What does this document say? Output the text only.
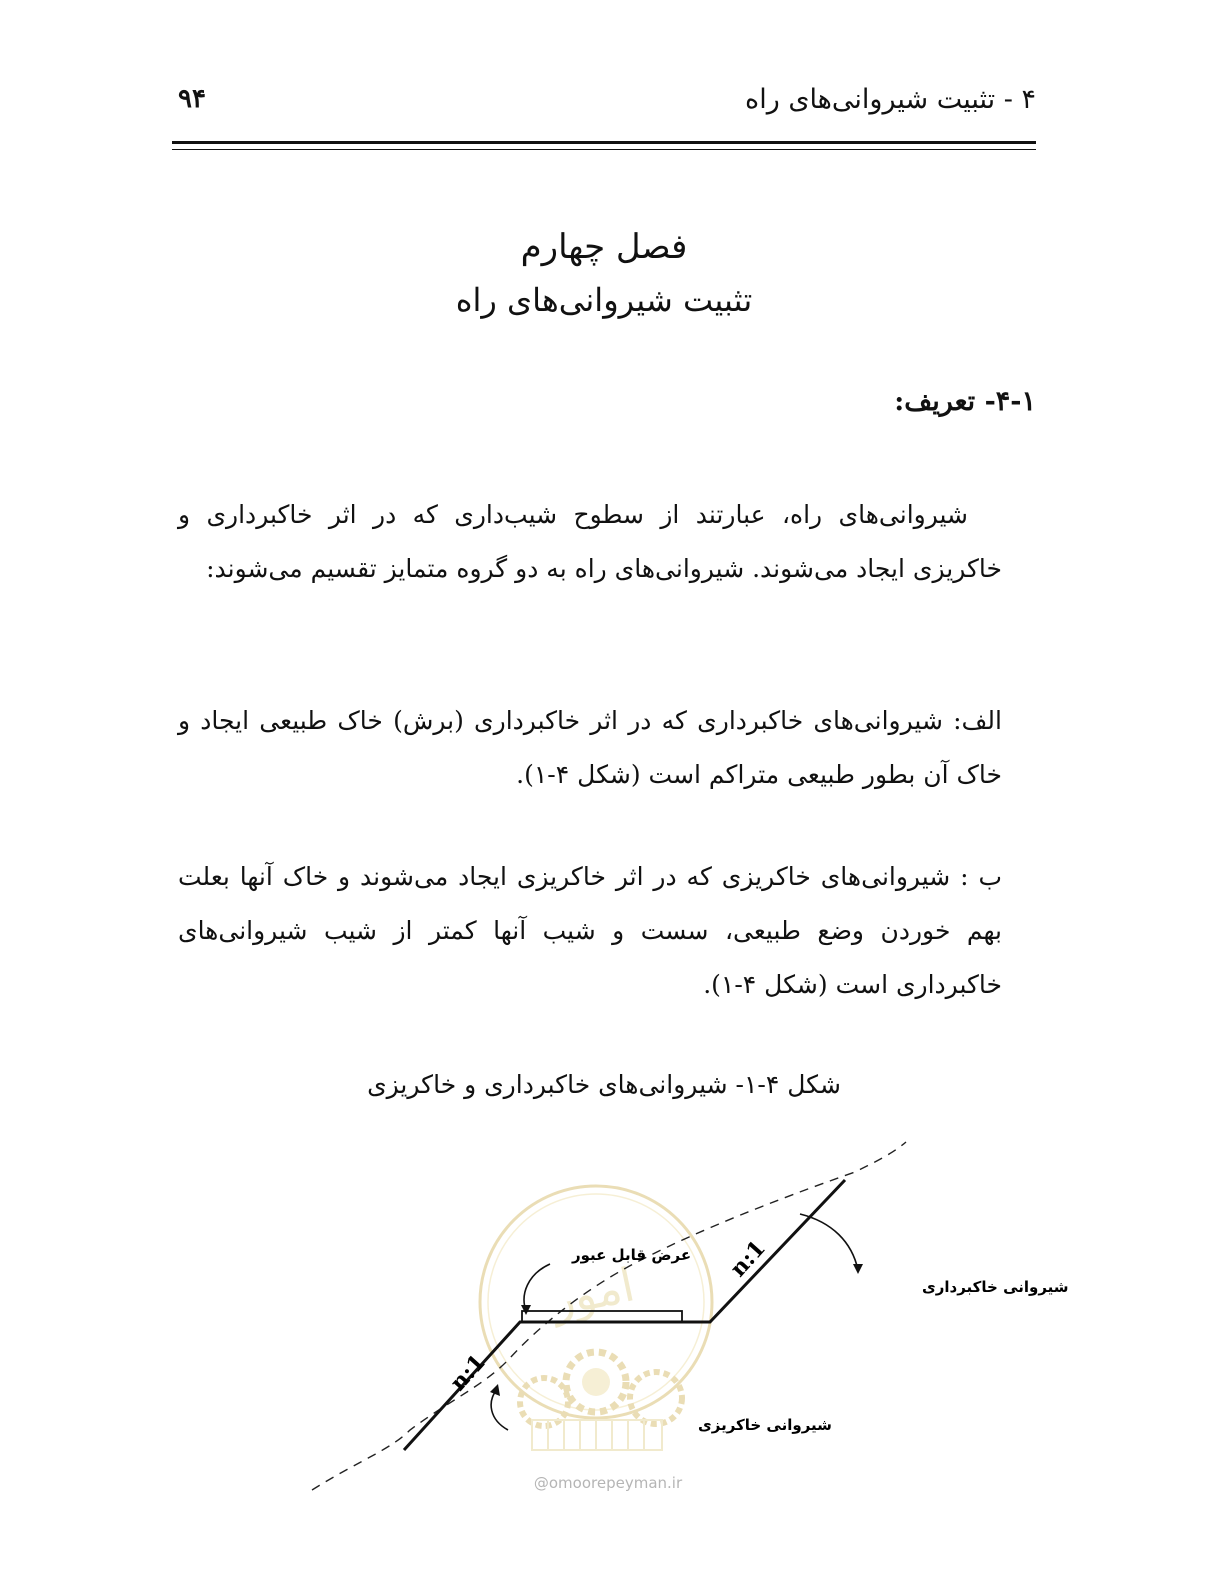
۴ - تثبیت شیروانی‌های راه
۹۴
فصل چهارم
تثبیت شیروانی‌های راه
۴-۱- تعریف:
شیروانی‌های راه، عبارتند از سطوح شیب‌داری که در اثر خاکبرداری و خاکریزی ایجاد می‌شوند. شیروانی‌های راه به دو گروه متمایز تقسیم می‌شوند:
الف: شیروانی‌های خاکبرداری که در اثر خاکبرداری (برش) خاک طبیعی ایجاد و خاک آن بطور طبیعی متراکم است (شکل ۴-۱).
ب : شیروانی‌های خاکریزی که در اثر خاکریزی ایجاد می‌شوند و خاک آنها بعلت بهم خوردن وضع طبیعی، سست و شیب آنها کمتر از شیب شیروانی‌های خاکبرداری است (شکل ۴-۱).
شکل ۴-۱- شیروانی‌های خاکبرداری و خاکریزی
امور
عرض قابل عبور
شیروانی خاکبرداری
شیروانی خاکریزی
n:1
n:1
@omoorepeyman.ir
